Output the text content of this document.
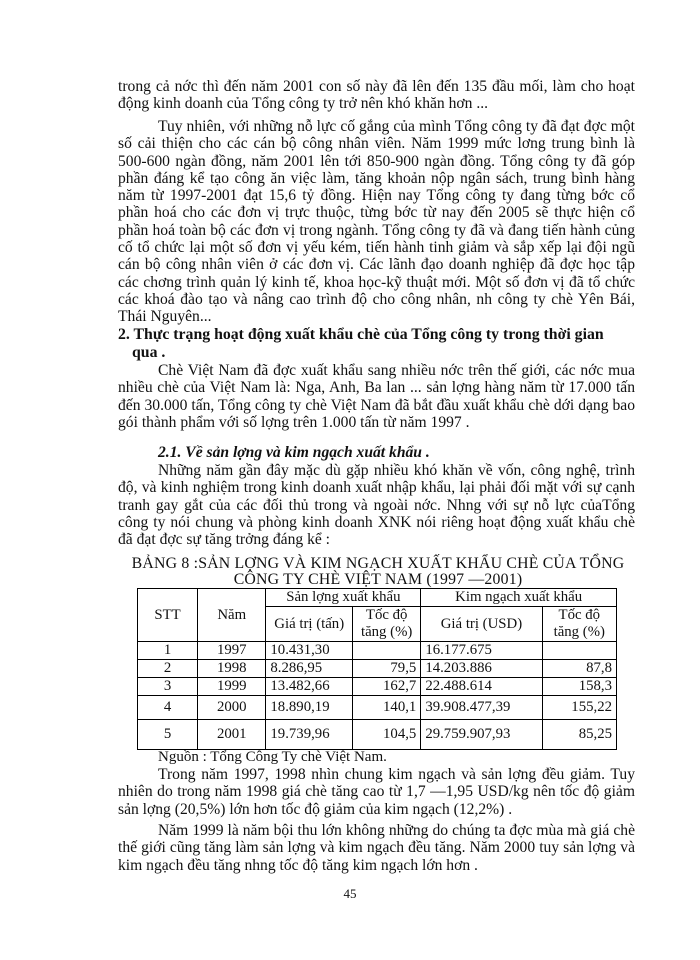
trong cả nớc thì đến năm 2001 con số này đã lên đến 135 đầu mối, làm cho hoạt động kinh doanh của Tổng công ty trở nên khó khăn hơn ...

Tuy nhiên, với những nỗ lực cố gắng của mình Tổng công ty đã đạt đợc một số cải thiện cho các cán bộ công nhân viên. Năm 1999 mức lơng trung bình là 500-600 ngàn đồng, năm 2001 lên tới 850-900 ngàn đồng. Tổng công ty đã góp phần đáng kể tạo công ăn việc làm, tăng khoản nộp ngân sách, trung bình hàng năm từ 1997-2001 đạt 15,6 tỷ đồng. Hiện nay Tổng công ty đang từng bớc cổ phần hoá cho các đơn vị trực thuộc, từng bớc từ nay đến 2005 sẽ thực hiện cổ phần hoá toàn bộ các đơn vị trong ngành. Tổng công ty đã và đang tiến hành củng cố tổ chức lại một số đơn vị yếu kém, tiến hành tinh giảm và sắp xếp lại đội ngũ cán bộ công nhân viên ở các đơn vị. Các lãnh đạo doanh nghiệp đã đợc học tập các chơng trình quản lý kinh tế, khoa học-kỹ thuật mới. Một số đơn vị đã tổ chức các khoá đào tạo và nâng cao trình độ cho công nhân, nh công ty chè Yên Bái, Thái Nguyên...

2. Thực trạng hoạt động xuất khẩu chè của Tổng công ty trong thời gian
qua .

Chè Việt Nam đã đợc xuất khẩu sang nhiều nớc trên thế giới, các nớc mua nhiều chè của Việt Nam là: Nga, Anh, Ba lan ... sản lợng hàng năm từ 17.000 tấn đến 30.000 tấn, Tổng công ty chè Việt Nam đã bắt đầu xuất khẩu chè dới dạng bao gói thành phẩm với số lợng trên 1.000 tấn từ năm 1997 .

2.1. Về sản lợng và kim ngạch xuất khẩu .

Những năm gần đây mặc dù gặp nhiều khó khăn về vốn, công nghệ, trình độ, và kinh nghiệm trong kinh doanh xuất nhập khẩu, lại phải đối mặt với sự cạnh tranh gay gắt của các đối thủ trong và ngoài nớc. Nhng với sự nỗ lực củaTổng công ty nói chung và phòng kinh doanh XNK nói riêng hoạt động xuất khẩu chè đã đạt đợc sự tăng trởng đáng kể :

BẢNG 8 :SẢN LỢNG VÀ KIM NGẠCH XUẤT KHẨU CHÈ CỦA TỔNG

CÔNG TY CHÈ VIỆT NAM (1997 —2001)

STT	Năm	Sản lợng xuất khẩu		Kim ngạch xuất khẩu	
		Giá trị (tấn)	Tốc độ tăng (%)	Giá trị (USD)	Tốc độ tăng (%)
1	1997	10.431,30		16.177.675	
2	1998	8.286,95	79,5	14.203.886	87,8
3	1999	13.482,66	162,7	22.488.614	158,3
4	2000	18.890,19	140,1	39.908.477,39	155,22
5	2001	19.739,96	104,5	29.759.907,93	85,25

Nguồn : Tổng Công Ty chè Việt Nam.

Trong năm 1997, 1998 nhìn chung kim ngạch và sản lợng đều giảm. Tuy nhiên do trong năm 1998 giá chè tăng cao từ 1,7 —1,95 USD/kg nên tốc độ giảm sản lợng (20,5%) lớn hơn tốc độ giảm của kim ngạch (12,2%) .

Năm 1999 là năm bội thu lớn không những do chúng ta đợc mùa mà giá chè thế giới cũng tăng làm sản lợng và kim ngạch đều tăng. Năm 2000 tuy sản lợng và kim ngạch đều tăng nhng tốc độ tăng kim ngạch lớn hơn .

45
